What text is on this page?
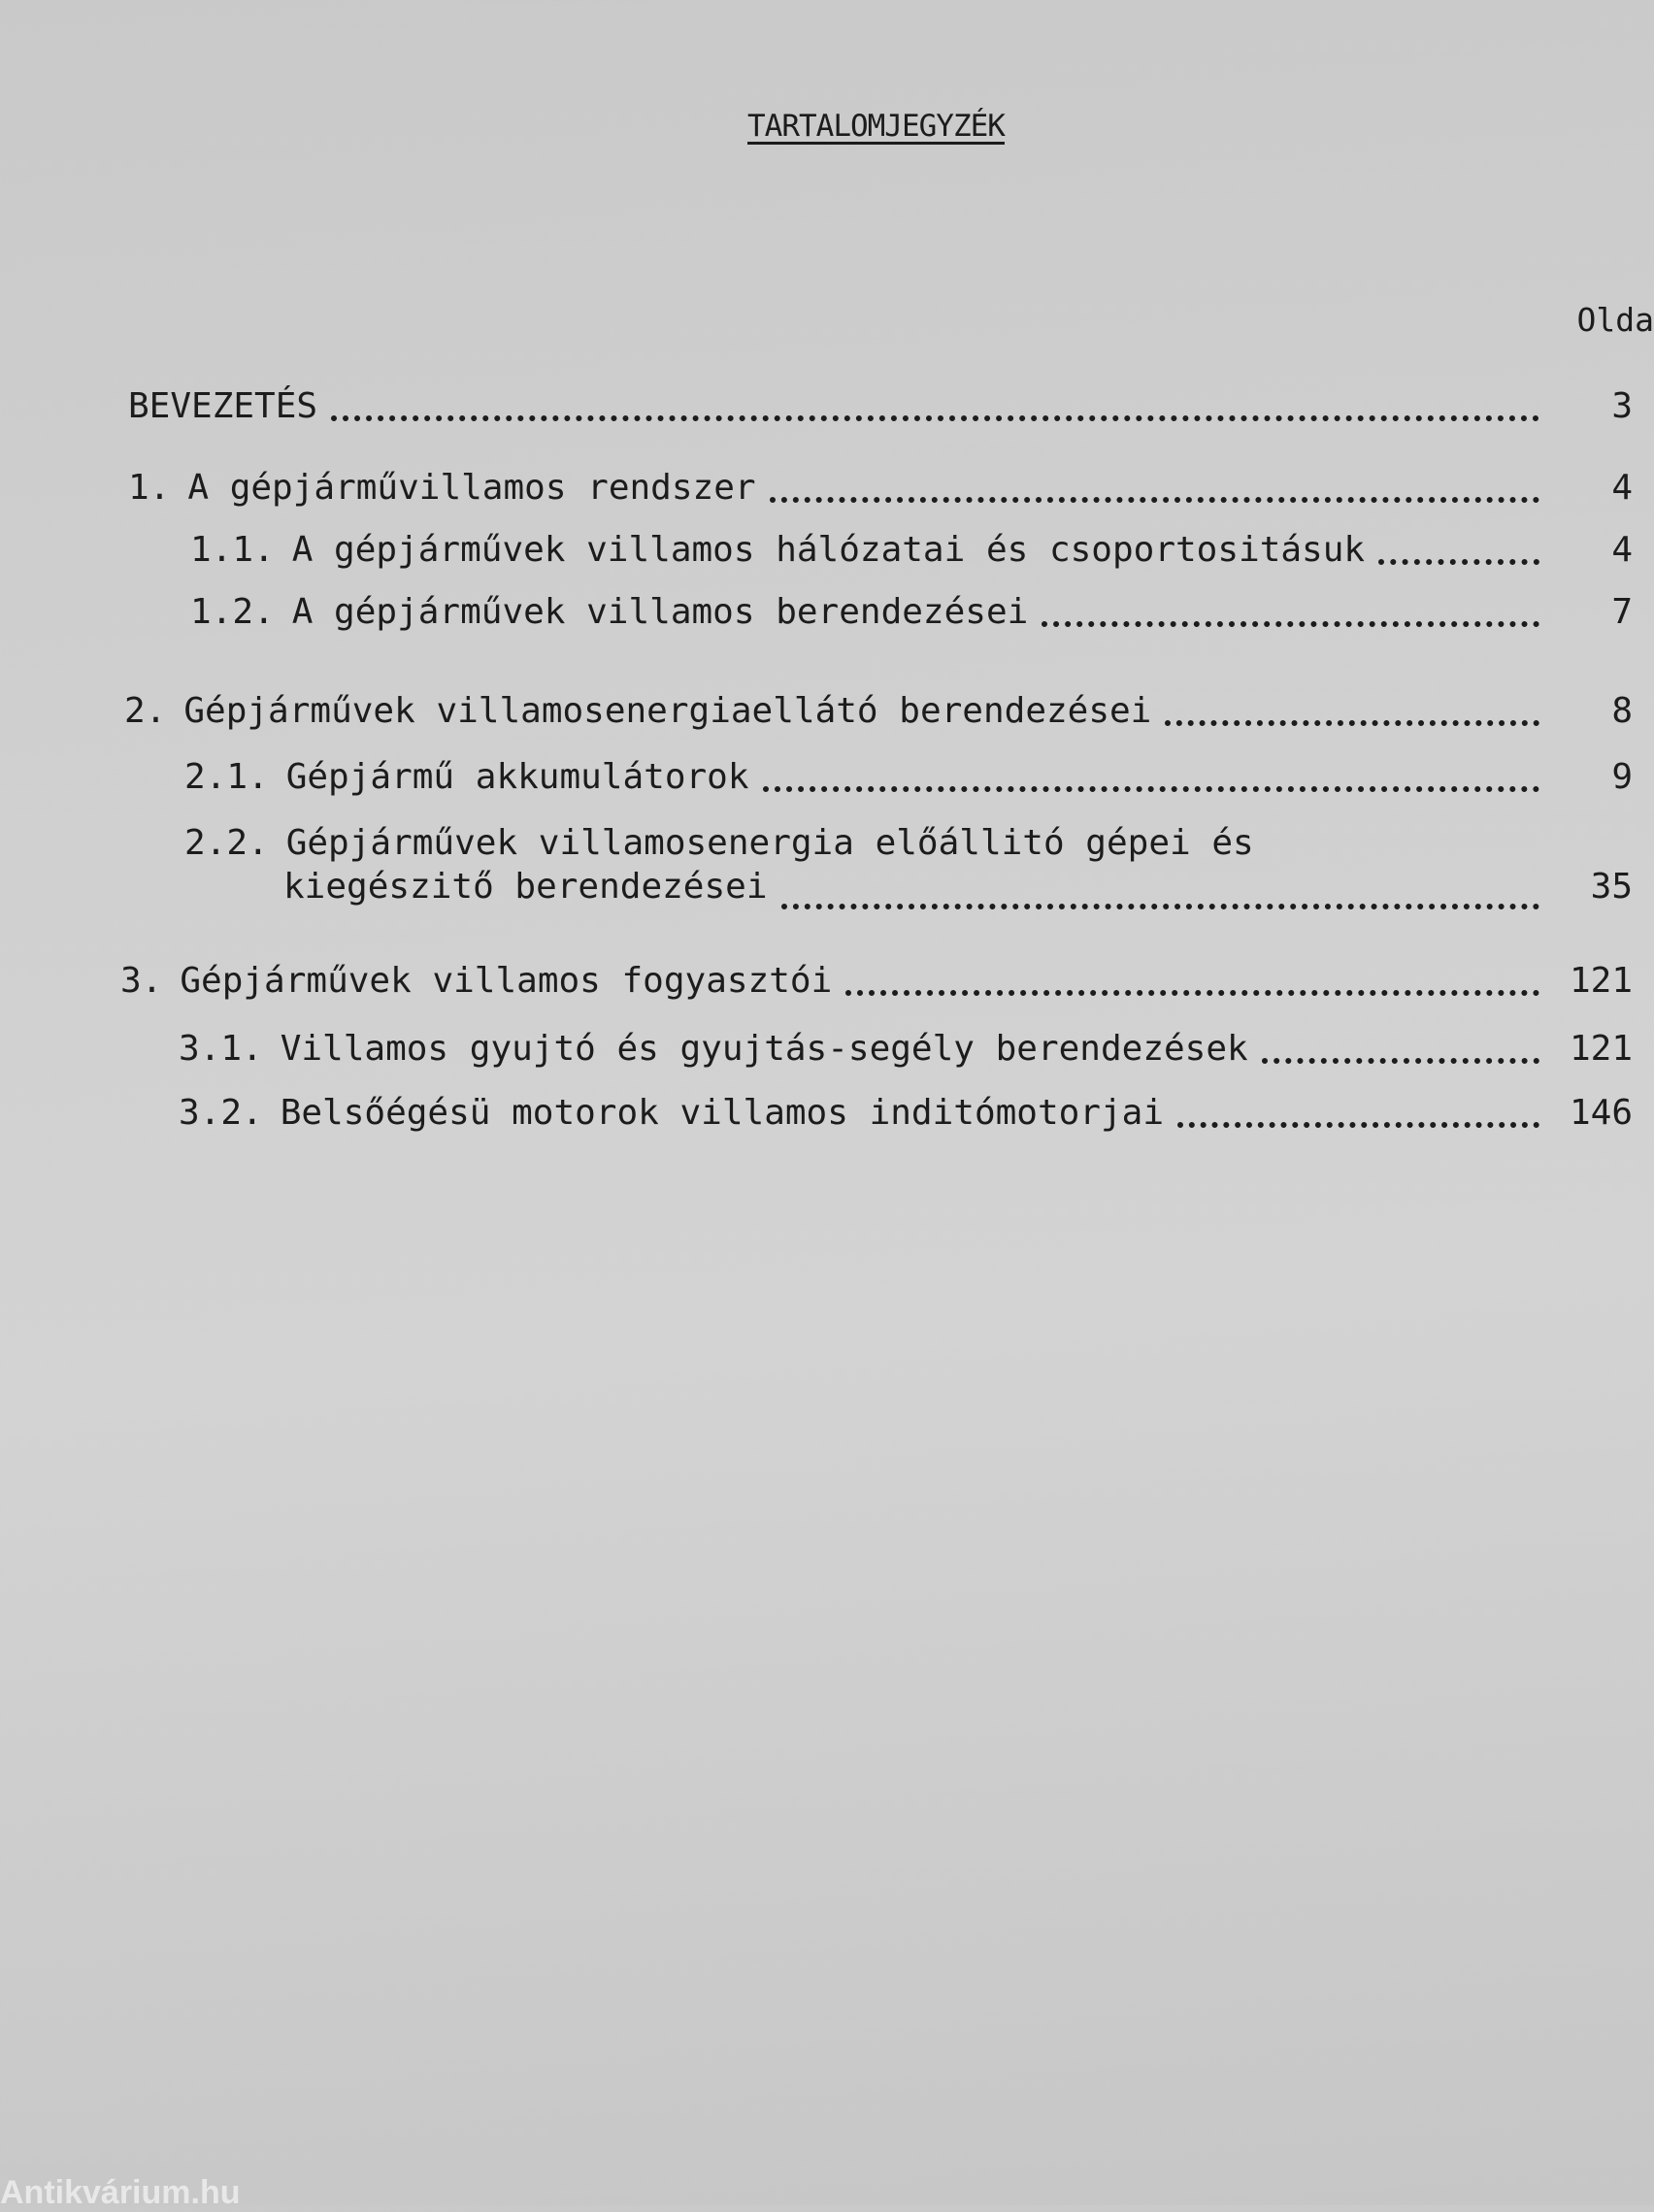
TARTALOMJEGYZÉK
Olda
BEVEZETÉS	3
1. A gépjárművillamos rendszer	4
1.1. A gépjárművek villamos hálózatai és csoportositásuk	4
1.2. A gépjárművek villamos berendezései	7
2. Gépjárművek villamosenergiaellátó berendezései	8
2.1. Gépjármű akkumulátorok	9
2.2. Gépjárművek villamosenergia előállitó gépei és
kiegészitő berendezései	35
3. Gépjárművek villamos fogyasztói	121
3.1. Villamos gyujtó és gyujtás-segély berendezések	121
3.2. Belsőégésü motorok villamos inditómotorjai	146
Antikvárium.hu
